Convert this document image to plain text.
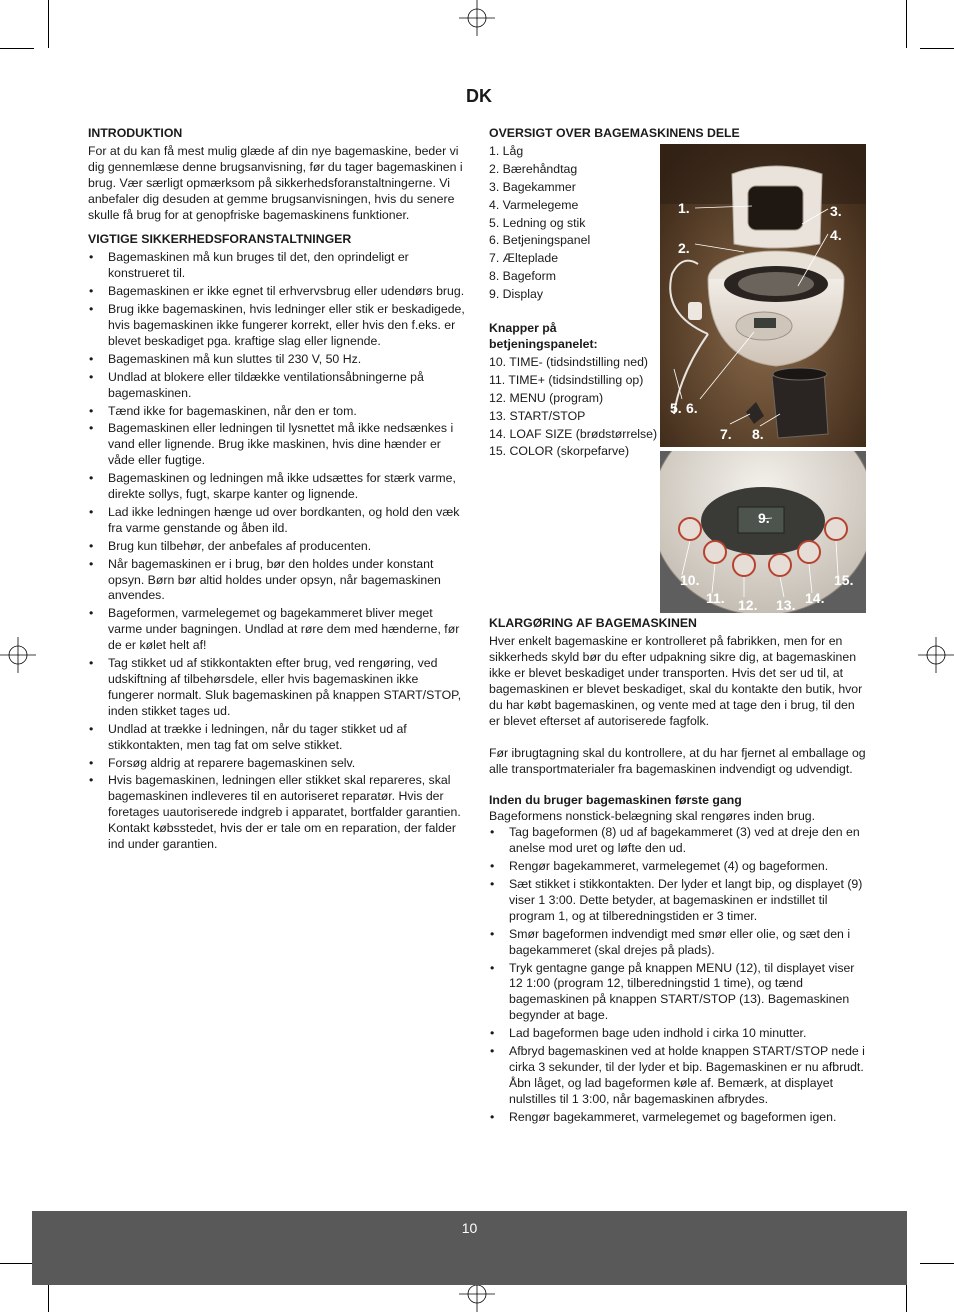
DK
INTRODUKTION

For at du kan få mest mulig glæde af din nye bagemaskine, beder vi dig gennemlæse denne brugsanvisning, før du tager bagemaskinen i brug. Vær særligt opmærksom på sikkerhedsforanstaltningerne. Vi anbefaler dig desuden at gemme brugsanvisningen, hvis du senere skulle få brug for at genopfriske bagemaskinens funktioner.

VIGTIGE SIKKERHEDSFORANSTALTNINGER
• Bagemaskinen må kun bruges til det, den oprindeligt er konstrueret til.
• Bagemaskinen er ikke egnet til erhvervsbrug eller udendørs brug.
• Brug ikke bagemaskinen, hvis ledninger eller stik er beskadigede, hvis bagemaskinen ikke fungerer korrekt, eller hvis den f.eks. er blevet beskadiget pga. kraftige slag eller lignende.
• Bagemaskinen må kun sluttes til 230 V, 50 Hz.
• Undlad at blokere eller tildække ventilationsåbningerne på bagemaskinen.
• Tænd ikke for bagemaskinen, når den er tom.
• Bagemaskinen eller ledningen til lysnettet må ikke nedsænkes i vand eller lignende. Brug ikke maskinen, hvis dine hænder er våde eller fugtige.
• Bagemaskinen og ledningen må ikke udsættes for stærk varme, direkte sollys, fugt, skarpe kanter og lignende.
• Lad ikke ledningen hænge ud over bordkanten, og hold den væk fra varme genstande og åben ild.
• Brug kun tilbehør, der anbefales af producenten.
• Når bagemaskinen er i brug, bør den holdes under konstant opsyn. Børn bør altid holdes under opsyn, når bagemaskinen anvendes.
• Bageformen, varmelegemet og bagekammeret bliver meget varme under bagningen. Undlad at røre dem med hænderne, før de er kølet helt af!
• Tag stikket ud af stikkontakten efter brug, ved rengøring, ved udskiftning af tilbehørsdele, eller hvis bagemaskinen ikke fungerer normalt. Sluk bagemaskinen på knappen START/STOP, inden stikket tages ud.
• Undlad at trække i ledningen, når du tager stikket ud af stikkontakten, men tag fat om selve stikket.
• Forsøg aldrig at reparere bagemaskinen selv.
• Hvis bagemaskinen, ledningen eller stikket skal repareres, skal bagemaskinen indleveres til en autoriseret reparatør. Hvis der foretages uautoriserede indgreb i apparatet, bortfalder garantien. Kontakt købsstedet, hvis der er tale om en reparation, der falder ind under garantien.
OVERSIGT OVER BAGEMASKINENS DELE
1. Låg
2. Bærehåndtag
3. Bagekammer
4. Varmelegeme
5. Ledning og stik
6. Betjeningspanel
7. Ælteplade
8. Bageform
9. Display
Knapper på betjeningspanelet:
10. TIME- (tidsindstilling ned)
11. TIME+ (tidsindstilling op)
12. MENU (program)
13. START/STOP
14. LOAF SIZE (brødstørrelse)
15. COLOR (skorpefarve)
KLARGØRING AF BAGEMASKINEN

Hver enkelt bagemaskine er kontrolleret på fabrikken, men for en sikkerheds skyld bør du efter udpakning sikre dig, at bagemaskinen ikke er blevet beskadiget under transporten. Hvis det ser ud til, at bagemaskinen er blevet beskadiget, skal du kontakte den butik, hvor du har købt bagemaskinen, og vente med at tage den i brug, til den er blevet efterset af autoriserede fagfolk.

Før ibrugtagning skal du kontrollere, at du har fjernet al emballage og alle transportmaterialer fra bagemaskinen indvendigt og udvendigt.

Inden du bruger bagemaskinen første gang

Bageformens nonstick-belægning skal rengøres inden brug.

• Tag bageformen (8) ud af bagekammeret (3) ved at dreje den en anelse mod uret og løfte den ud.
• Rengør bagekammeret, varmelegemet (4) og bageformen.
• Sæt stikket i stikkontakten. Der lyder et langt bip, og displayet (9) viser 1 3:00. Dette betyder, at bagemaskinen er indstillet til program 1, og at tilberedningstiden er 3 timer.
• Smør bageformen indvendigt med smør eller olie, og sæt den i bagekammeret (skal drejes på plads).
• Tryk gentagne gange på knappen MENU (12), til displayet viser 12 1:00 (program 12, tilberedningstid 1 time), og tænd bagemaskinen på knappen START/STOP (13). Bagemaskinen begynder at bage.
• Lad bageformen bage uden indhold i cirka 10 minutter.
• Afbryd bagemaskinen ved at holde knappen START/STOP nede i cirka 3 sekunder, til der lyder et bip. Bagemaskinen er nu afbrudt. Åbn låget, og lad bageformen køle af. Bemærk, at displayet nulstilles til 1 3:00, når bagemaskinen afbrydes.
• Rengør bagekammeret, varmelegemet og bageformen igen.
1.
2.
3.
4.
5. 6.
7. 8.
9.
10.
11. 12. 13. 14.
15.
10
